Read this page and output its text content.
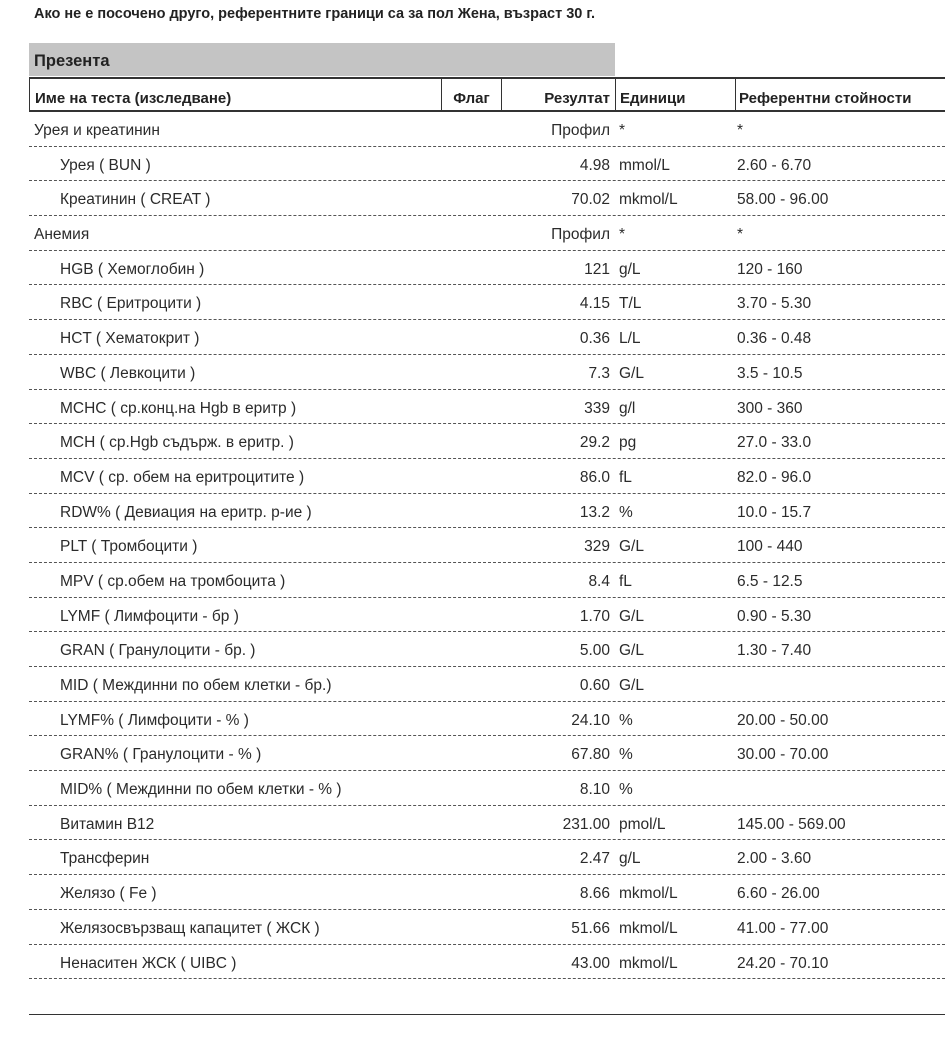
Ако не е посочено друго, референтните граници са за пол Жена, възраст 30 г.
Презента
Име на теста (изследване)	Флаг	Резултат Единици	Референтни стойности
Урея и креатинин	Профил *	*
Урея ( BUN )	4.98 mmol/L	2.60 - 6.70
Креатинин ( CREAT )	70.02 mkmol/L	58.00 - 96.00
Анемия	Профил *	*
HGB ( Хемоглобин )	121 g/L	120 - 160
RBC ( Еритроцити )	4.15 T/L	3.70 - 5.30
HCT ( Хематокрит )	0.36 L/L	0.36 - 0.48
WBC ( Левкоцити )	7.3 G/L	3.5 - 10.5
MCHC ( ср.конц.на Hgb в еритр )	339 g/l	300 - 360
MCH ( ср.Hgb съдърж. в еритр. )	29.2 pg	27.0 - 33.0
MCV ( ср. обем на еритроцитите )	86.0 fL	82.0 - 96.0
RDW% ( Девиация на еритр. р-ие )	13.2 %	10.0 - 15.7
PLT ( Тромбоцити )	329 G/L	100 - 440
MPV ( ср.обем на тромбоцита )	8.4 fL	6.5 - 12.5
LYMF ( Лимфоцити - бр )	1.70 G/L	0.90 - 5.30
GRAN ( Гранулоцити - бр. )	5.00 G/L	1.30 - 7.40
MID ( Междинни по обем клетки - бр.)	0.60 G/L
LYMF% ( Лимфоцити - % )	24.10 %	20.00 - 50.00
GRAN% ( Гранулоцити - % )	67.80 %	30.00 - 70.00
MID% ( Междинни по обем клетки - % )	8.10 %
Витамин B12	231.00 pmol/L	145.00 - 569.00
Трансферин	2.47 g/L	2.00 - 3.60
Желязо ( Fe )	8.66 mkmol/L	6.60 - 26.00
Желязосвързващ капацитет ( ЖСК )	51.66 mkmol/L	41.00 - 77.00
Ненаситен ЖСК ( UIBC )	43.00 mkmol/L	24.20 - 70.10
